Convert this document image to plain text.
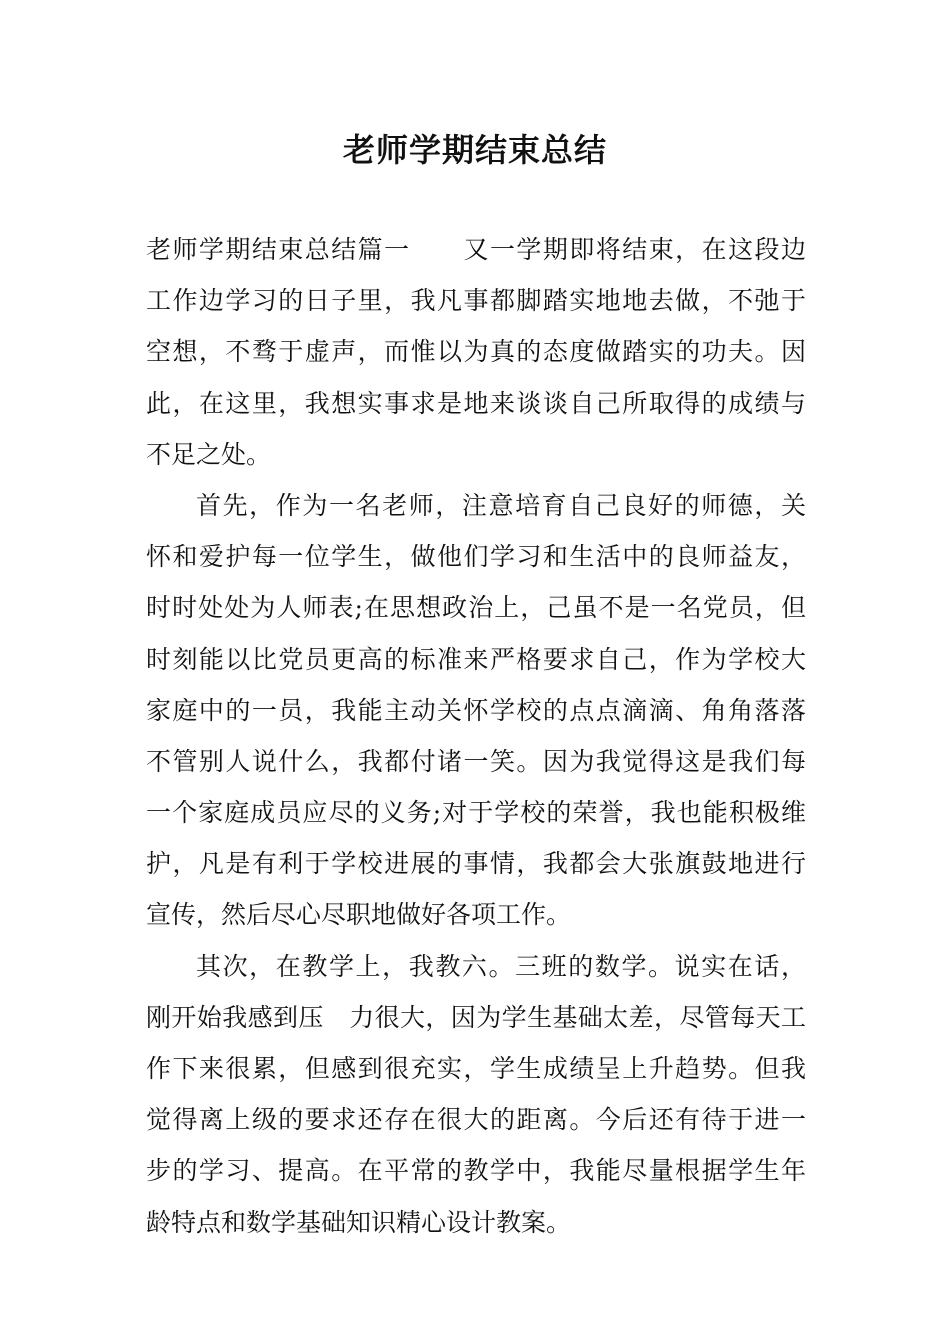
老师学期结束总结
老师学期结束总结篇一　　又一学期即将结束，在这段边
工作边学习的日子里，我凡事都脚踏实地地去做，不弛于
空想，不骛于虚声，而惟以为真的态度做踏实的功夫。因
此，在这里，我想实事求是地来谈谈自己所取得的成绩与
不足之处。
首先，作为一名老师，注意培育自己良好的师德，关
怀和爱护每一位学生，做他们学习和生活中的良师益友，
时时处处为人师表;在思想政治上，己虽不是一名党员，但
时刻能以比党员更高的标准来严格要求自己，作为学校大
家庭中的一员，我能主动关怀学校的点点滴滴、角角落落
不管别人说什么，我都付诸一笑。因为我觉得这是我们每
一个家庭成员应尽的义务;对于学校的荣誉，我也能积极维
护，凡是有利于学校进展的事情，我都会大张旗鼓地进行
宣传，然后尽心尽职地做好各项工作。
其次，在教学上，我教六。三班的数学。说实在话，
刚开始我感到压　力很大，因为学生基础太差，尽管每天工
作下来很累，但感到很充实，学生成绩呈上升趋势。但我
觉得离上级的要求还存在很大的距离。今后还有待于进一
步的学习、提高。在平常的教学中，我能尽量根据学生年
龄特点和数学基础知识精心设计教案。
